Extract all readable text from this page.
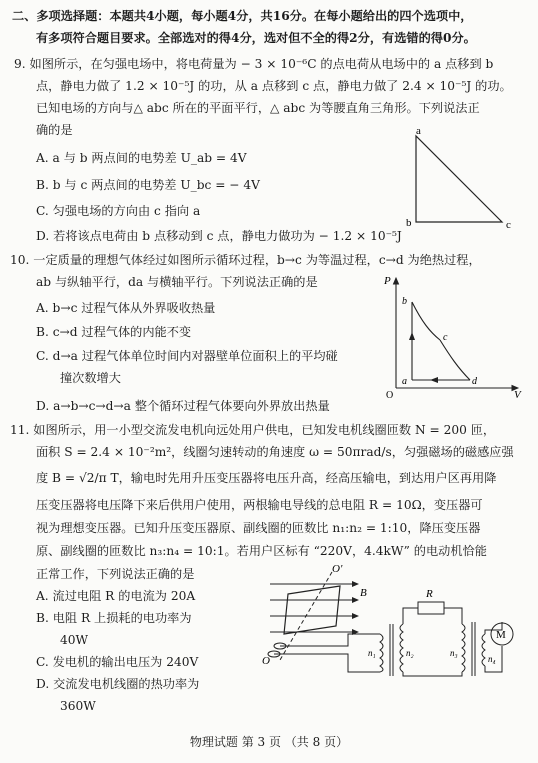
二、多项选择题：本题共4小题，每小题4分，共16分。在每小题给出的四个选项中，
有多项符合题目要求。全部选对的得4分，选对但不全的得2分，有选错的得0分。
9. 如图所示，在匀强电场中，将电荷量为 − 3 × 10⁻⁶C 的点电荷从电场中的 a 点移到 b
点，静电力做了 1.2 × 10⁻⁵J 的功，从 a 点移到 c 点，静电力做了 2.4 × 10⁻⁵J 的功。
已知电场的方向与△ abc 所在的平面平行，△ abc 为等腰直角三角形。下列说法正
确的是
A. a 与 b 两点间的电势差 U_ab = 4V
B. b 与 c 两点间的电势差 U_bc = − 4V
C. 匀强电场的方向由 c 指向 a
D. 若将该点电荷由 b 点移动到 c 点，静电力做功为 − 1.2 × 10⁻⁵J
a
b	c
10. 一定质量的理想气体经过如图所示循环过程，b→c 为等温过程，c→d 为绝热过程，
ab 与纵轴平行，da 与横轴平行。下列说法正确的是
A. b→c 过程气体从外界吸收热量
B. c→d 过程气体的内能不变
C. d→a 过程气体单位时间内对器壁单位面积上的平均碰
撞次数增大
D. a→b→c→d→a 整个循环过程气体要向外界放出热量
P
V
O
b
c
a	d
11. 如图所示，用一小型交流发电机向远处用户供电，已知发电机线圈匝数 N = 200 匝，
面积 S = 2.4 × 10⁻²m²，线圈匀速转动的角速度 ω = 50πrad/s，匀强磁场的磁感应强
度 B = √2/π T，输电时先用升压变压器将电压升高，经高压输电，到达用户区再用降
压变压器将电压降下来后供用户使用，两根输电导线的总电阻 R = 10Ω，变压器可
视为理想变压器。已知升压变压器原、副线圈的匝数比 n₁:n₂ = 1:10，降压变压器
原、副线圈的匝数比 n₃:n₄ = 10:1。若用户区标有 “220V，4.4kW” 的电动机恰能
正常工作，下列说法正确的是
A. 流过电阻 R 的电流为 20A
B. 电阻 R 上损耗的电功率为
40W
C. 发电机的输出电压为 240V
D. 交流发电机线圈的热功率为
360W
B
O'
O
n₁	n₂
R
n₃
n₄
M
物理试题 第 3 页 （共 8 页）
